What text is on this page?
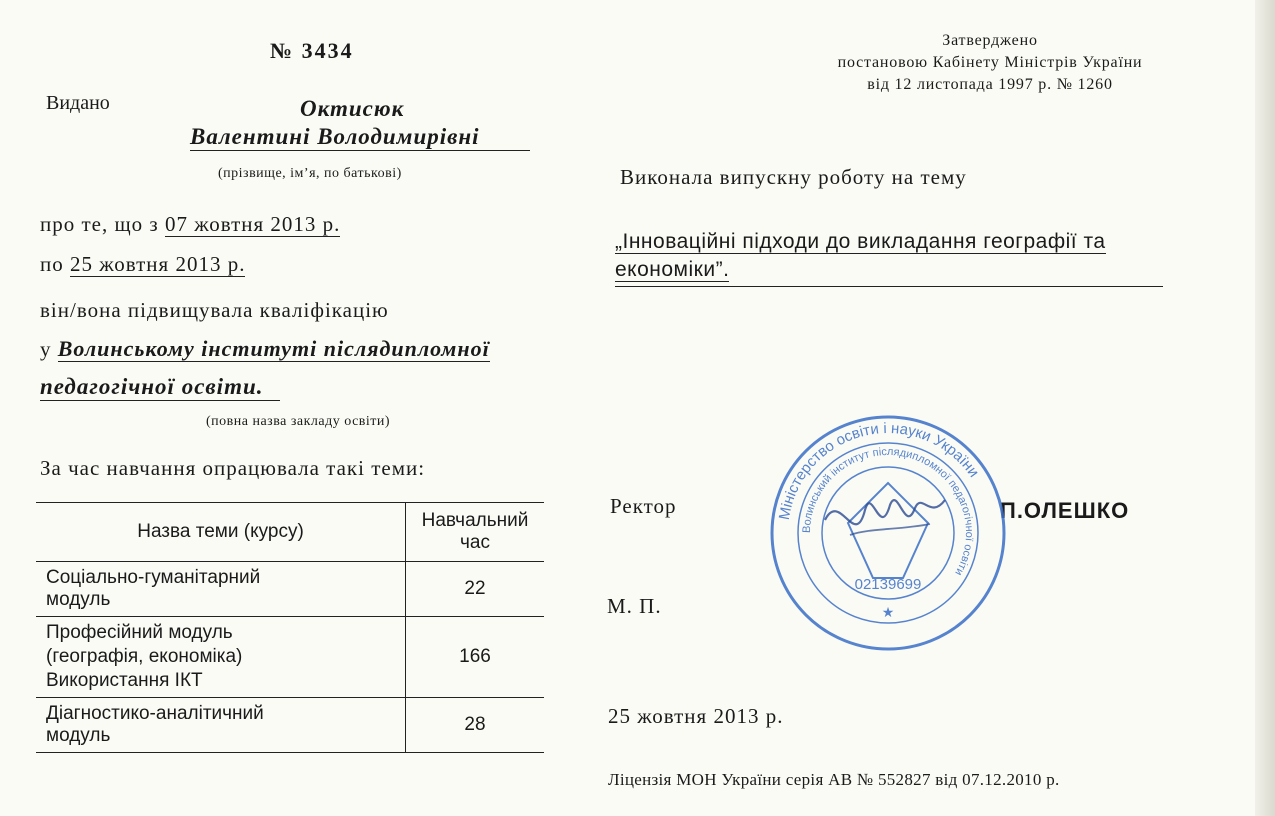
№ 3434	Затверджено
постановою Кабінету Міністрів України
від 12 листопада 1997 р. № 1260
Видано	Октисюк
Валентині Володимирівні
(прізвище, ім’я, по батькові)
про те, що з 07 жовтня 2013 р.
по 25 жовтня 2013 р.
він/вона підвищувала кваліфікацію
у Волинському інституті післядипломної
педагогічної освіти.
(повна назва закладу освіти)
За час навчання опрацювала такі теми:
Назва теми (курсу)	Навчальний час

Соціально-гуманітарний
модуль	22

Професійний модуль
(географія, економіка)
Використання ІКТ	166

Діагностико-аналітичний
модуль	28
Виконала випускну роботу на тему
„Інноваційні підходи до викладання географії та економіки”.
Ректор	П.ОЛЕШКО
М. П.
25 жовтня 2013 р.
Ліцензія МОН України серія АВ № 552827 від 07.12.2010 р.
Міністерство освіти і науки України
Волинський інститут післядипломної педагогічної освіти
02139699
★
